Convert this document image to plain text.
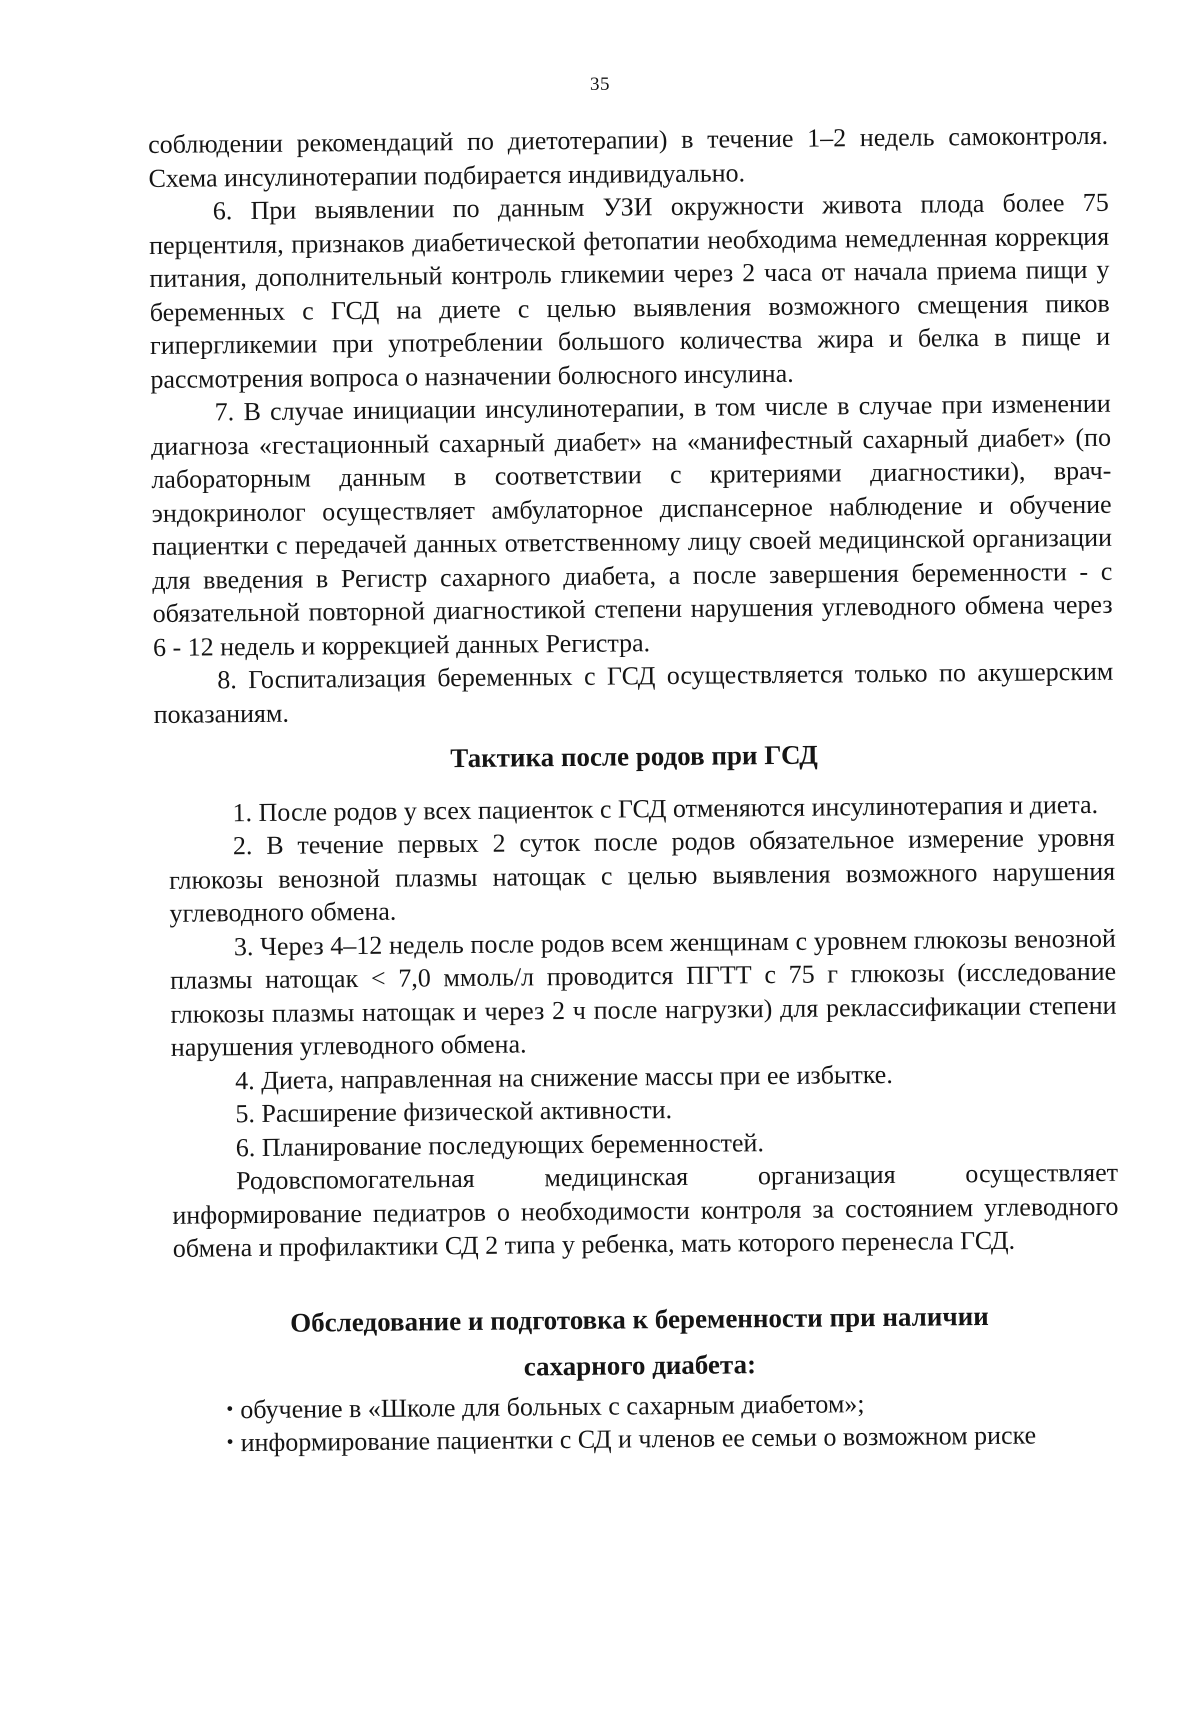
35

соблюдении рекомендаций по диетотерапии) в течение 1–2 недель самоконтроля. Схема инсулинотерапии подбирается индивидуально.

6. При выявлении по данным УЗИ окружности живота плода более 75 перцентиля, признаков диабетической фетопатии необходима немедленная коррекция питания, дополнительный контроль гликемии через 2 часа от начала приема пищи у беременных с ГСД на диете с целью выявления возможного смещения пиков гипергликемии при употреблении большого количества жира и белка в пище и рассмотрения вопроса о назначении болюсного инсулина.

7. В случае инициации инсулинотерапии, в том числе в случае при изменении диагноза «гестационный сахарный диабет» на «манифестный сахарный диабет» (по лабораторным данным в соответствии с критериями диагностики), врач-эндокринолог осуществляет амбулаторное диспансерное наблюдение и обучение пациентки с передачей данных ответственному лицу своей медицинской организации для введения в Регистр сахарного диабета, а после завершения беременности - с обязательной повторной диагностикой степени нарушения углеводного обмена через 6 - 12 недель и коррекцией данных Регистра.

8. Госпитализация беременных с ГСД осуществляется только по акушерским показаниям.

Тактика после родов при ГСД

1. После родов у всех пациенток с ГСД отменяются инсулинотерапия и диета.

2. В течение первых 2 суток после родов обязательное измерение уровня глюкозы венозной плазмы натощак с целью выявления возможного нарушения углеводного обмена.

3. Через 4–12 недель после родов всем женщинам с уровнем глюкозы венозной плазмы натощак < 7,0 ммоль/л проводится ПГТТ с 75 г глюкозы (исследование глюкозы плазмы натощак и через 2 ч после нагрузки) для реклассификации степени нарушения углеводного обмена.

4. Диета, направленная на снижение массы при ее избытке.

5. Расширение физической активности.

6. Планирование последующих беременностей.

Родовспомогательная медицинская организация осуществляет информирование педиатров о необходимости контроля за состоянием углеводного обмена и профилактики СД 2 типа у ребенка, мать которого перенесла ГСД.

Обследование и подготовка к беременности при наличии
сахарного диабета:
• обучение в «Школе для больных с сахарным диабетом»;
• информирование пациентки с СД и членов ее семьи о возможном риске
